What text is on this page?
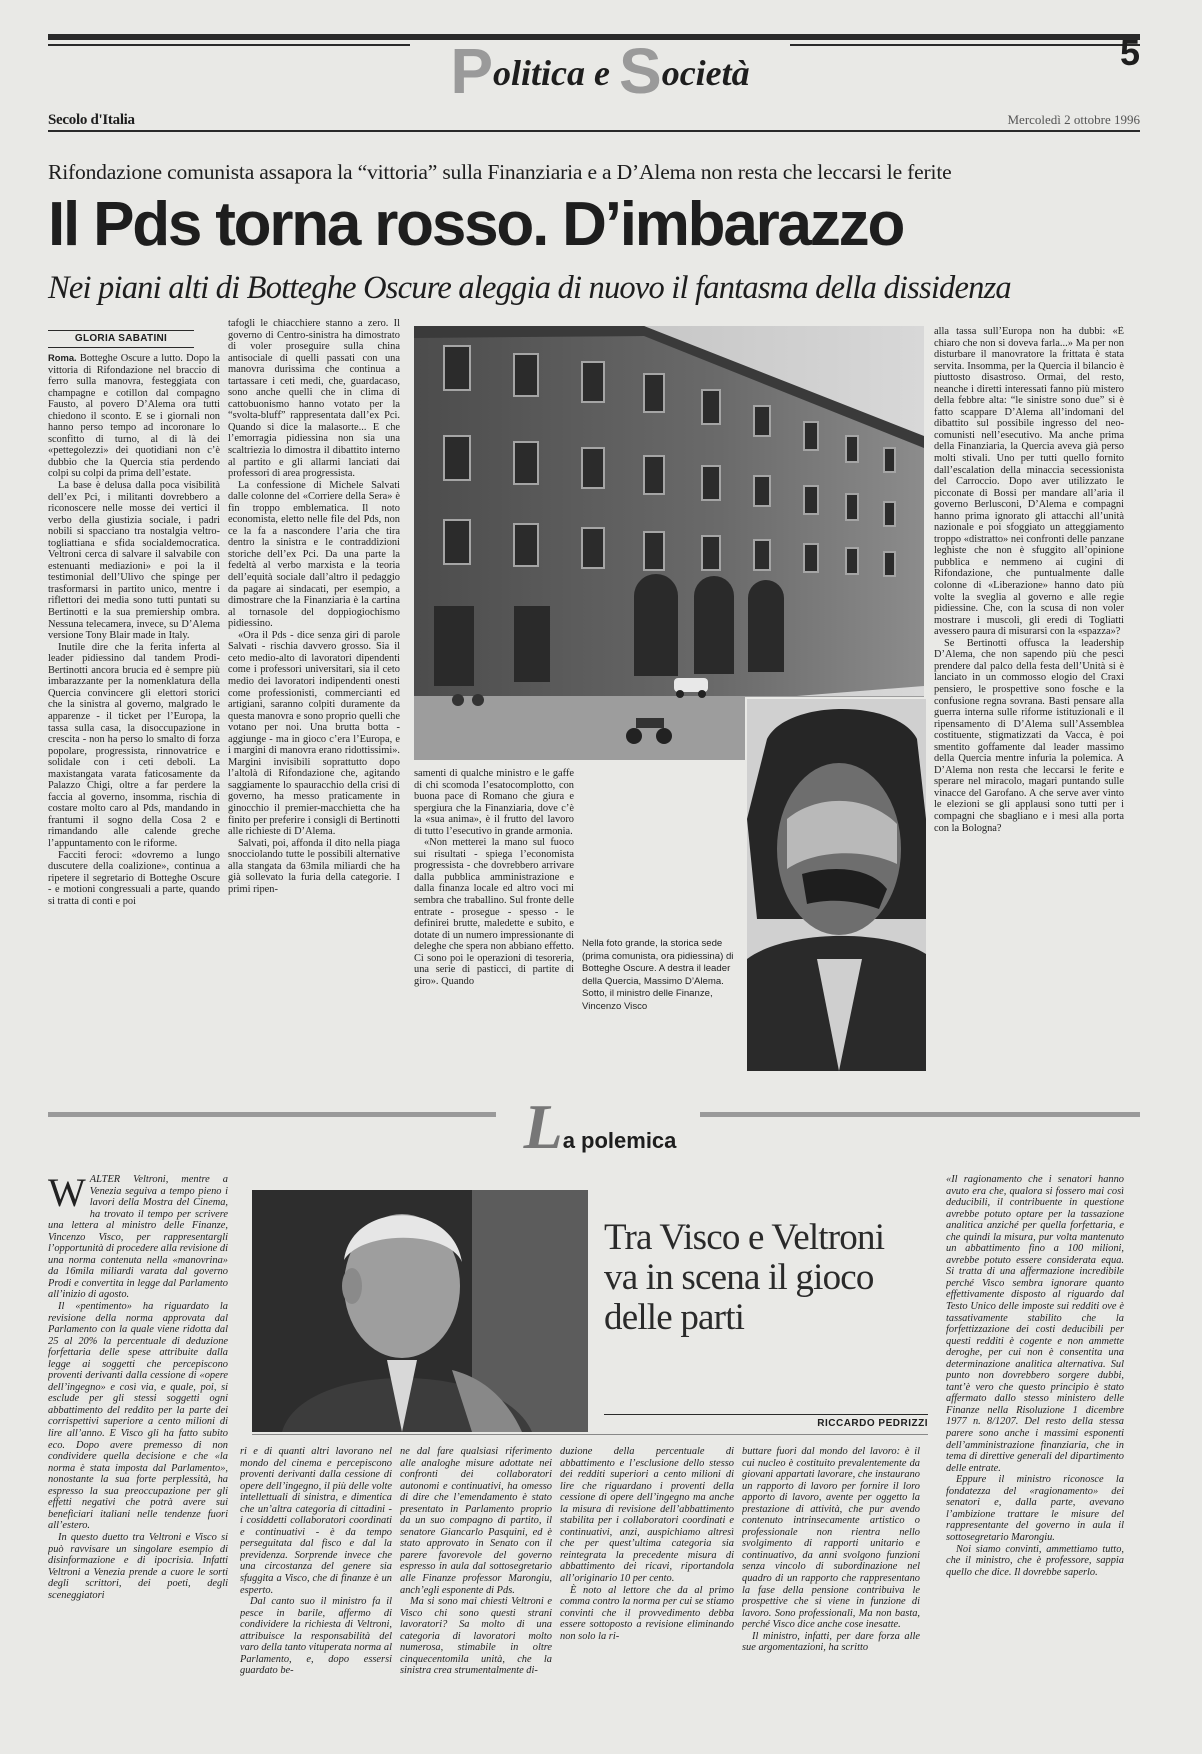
Politica e Società	5
Secolo d'Italia	Mercoledì 2 ottobre 1996
Rifondazione comunista assapora la “vittoria” sulla Finanziaria e a D’Alema non resta che leccarsi le ferite
Il Pds torna rosso. D’imbarazzo
Nei piani alti di Botteghe Oscure aleggia di nuovo il fantasma della dissidenza
GLORIA SABATINI

Roma. Botteghe Oscure a lutto. Dopo la vittoria di Rifondazione nel braccio di ferro sulla manovra, festeggiata con champagne e cotillon dal compagno Fausto, al povero D’Alema ora tutti chiedono il sconto. E se i giornali non hanno perso tempo ad incoronare lo sconfitto di turno, al di là dei «pettegolezzi» dei quotidiani non c’è dubbio che la Quercia stia perdendo colpi su colpi da prima dell’estate.

La base è delusa dalla poca visibilità dell’ex Pci, i militanti dovrebbero a riconoscere nelle mosse dei vertici il verbo della giustizia sociale, i padri nobili si spacciano tra nostalgia veltro-togliattiana e sfida socialdemocratica. Veltroni cerca di salvare il salvabile con estenuanti mediazioni» e poi la il testimonial dell’Ulivo che spinge per trasformarsi in partito unico, mentre i riflettori dei media sono tutti puntati su Bertinotti e la sua premiership ombra. Nessuna telecamera, invece, su D’Alema versione Tony Blair made in Italy.

Inutile dire che la ferita inferta al leader pidiessino dal tandem Prodi-Bertinotti ancora brucia ed è sempre più imbarazzante per la nomenklatura della Quercia convincere gli elettori storici che la sinistra al governo, malgrado le apparenze - il ticket per l’Europa, la tassa sulla casa, la disoccupazione in crescita - non ha perso lo smalto di forza popolare, progressista, rinnovatrice e solidale con i ceti deboli. La maxistangata varata faticosamente da Palazzo Chigi, oltre a far perdere la faccia al governo, insomma, rischia di costare molto caro al Pds, mandando in frantumi il sogno della Cosa 2 e rimandando alle calende greche l’appuntamento con le riforme.

Facciti feroci: «dovremo a lungo duscutere della coalizione», continua a ripetere il segretario di Botteghe Oscure - e motioni congressuali a parte, quando si tratta di conti e poi

tafogli le chiacchiere stanno a zero. Il governo di Centro-sinistra ha dimostrato di voler proseguire sulla china antisociale di quelli passati con una manovra durissima che continua a tartassare i ceti medi, che, guardacaso, sono anche quelli che in clima di cattobuonismo hanno votato per la “svolta-bluff” rappresentata dall’ex Pci. Quando si dice la malasorte... E che l’emorragia pidiessina non sia una scaltriezia lo dimostra il dibattito interno al partito e gli allarmi lanciati dai professori di area progressista.

La confessione di Michele Salvati dalle colonne del «Corriere della Sera» è fin troppo emblematica. Il noto economista, eletto nelle file del Pds, non ce la fa a nascondere l’aria che tira dentro la sinistra e le contraddizioni storiche dell’ex Pci. Da una parte la fedeltà al verbo marxista e la teoria dell’equità sociale dall’altro il pedaggio da pagare ai sindacati, per esempio, a dimostrare che la Finanziaria è la cartina al tornasole del doppiogiochismo pidiessino.

«Ora il Pds - dice senza giri di parole Salvati - rischia davvero grosso. Sia il ceto medio-alto di lavoratori dipendenti come i professori universitari, sia il ceto medio dei lavoratori indipendenti onesti come professionisti, commercianti ed artigiani, saranno colpiti duramente da questa manovra e sono proprio quelli che votano per noi. Una brutta botta - aggiunge - ma in gioco c’era l’Europa, e i margini di manovra erano ridottissimi». Margini invisibili soprattutto dopo l’altolà di Rifondazione che, agitando saggiamente lo spauracchio della crisi di governo, ha messo praticamente in ginocchio il premier-macchietta che ha finito per preferire i consigli di Bertinotti alle richieste di D’Alema.

Salvati, poi, affonda il dito nella piaga snocciolando tutte le possibili alternative alla stangata da 63mila miliardi che ha già sollevato la furia della categorie. I primi ripen-

samenti di qualche ministro e le gaffe di chi scomoda l’esatocomplotto, con buona pace di Romano che giura e spergiura che la Finanziaria, dove c’è la «sua anima», è il frutto del lavoro di tutto l’esecutivo in grande armonia.

«Non metterei la mano sul fuoco sui risultati - spiega l’economista progressista - che dovrebbero arrivare dalla pubblica amministrazione e dalla finanza locale ed altro voci mi sembra che traballino. Sul fronte delle entrate - prosegue - spesso - le definirei brutte, maledette e subito, e dotate di un numero impressionante di deleghe che spera non abbiano effetto. Ci sono poi le operazioni di tesoreria, una serie di pasticci, di partite di giro». Quando

Nella foto grande, la storica sede (prima comunista, ora pidiessina) di Botteghe Oscure. A destra il leader della Quercia, Massimo D’Alema. Sotto, il ministro delle Finanze, Vincenzo Visco

alla tassa sull’Europa non ha dubbi: «È chiaro che non si doveva farla...» Ma per non disturbare il manovratore la frittata è stata servita. Insomma, per la Quercia il bilancio è piuttosto disastroso. Ormai, del resto, neanche i diretti interessati fanno più mistero della febbre alta: “le sinistre sono due” si è fatto scappare D’Alema all’indomani del dibattito sul possibile ingresso del neo-comunisti nell’esecutivo. Ma anche prima della Finanziaria, la Quercia aveva già perso molti stivali. Uno per tutti quello fornito dall’escalation della minaccia secessionista del Carroccio. Dopo aver utilizzato le picconate di Bossi per mandare all’aria il governo Berlusconi, D’Alema e compagni hanno prima ignorato gli attacchi all’unità nazionale e poi sfoggiato un atteggiamento troppo «distratto» nei confronti delle panzane leghiste che non è sfuggito all’opinione pubblica e nemmeno ai cugini di Rifondazione, che puntualmente dalle colonne di «Liberazione» hanno dato più volte la sveglia al governo e alle regie pidiessine. Che, con la scusa di non voler mostrare i muscoli, gli eredi di Togliatti avessero paura di misurarsi con la «spazza»?

Se Bertinotti offusca la leadership D’Alema, che non sapendo più che pesci prendere dal palco della festa dell’Unità si è lanciato in un commosso elogio del Craxi pensiero, le prospettive sono fosche e la confusione regna sovrana. Basti pensare alla guerra interna sulle riforme istituzionali e il ripensamento di D’Alema sull’Assemblea costituente, stigmatizzati da Vacca, è poi smentito goffamente dal leader massimo della Quercia mentre infuria la polemica. A D’Alema non resta che leccarsi le ferite e sperare nel miracolo, magari puntando sulle vinacce del Garofano. A che serve aver vinto le elezioni se gli applausi sono tutti per i compagni che sbagliano e i mesi alla porta con la Bologna?

La polemica

WALTER Veltroni, mentre a Venezia seguiva a tempo pieno i lavori della Mostra del Cinema, ha trovato il tempo per scrivere una lettera al ministro delle Finanze, Vincenzo Visco, per rappresentargli l’opportunità di procedere alla revisione di una norma contenuta nella «manovrina» da 16mila miliardi varata dal governo Prodi e convertita in legge dal Parlamento all’inizio di agosto.

Il «pentimento» ha riguardato la revisione della norma approvata dal Parlamento con la quale viene ridotta dal 25 al 20% la percentuale di deduzione forfettaria delle spese attribuite dalla legge ai soggetti che percepiscono proventi derivanti dalla cessione di «opere dell’ingegno» e così via, e quale, poi, si esclude per gli stessi soggetti ogni abbattimento del reddito per la parte dei corrispettivi superiore a cento milioni di lire all’anno. E Visco gli ha fatto subito eco. Dopo avere premesso di non condividere quella decisione e che «la norma è stata imposta dal Parlamento», nonostante la sua forte perplessità, ha espresso la sua preoccupazione per gli effetti negativi che potrà avere sui beneficiari italiani nelle tendenze fuori all’estero.

In questo duetto tra Veltroni e Visco si può ravvisare un singolare esempio di disinformazione e di ipocrisia. Infatti Veltroni a Venezia prende a cuore le sorti degli scrittori, dei poeti, degli sceneggiatori

Tra Visco e Veltroni va in scena il gioco delle parti
RICCARDO PEDRIZZI

ri e di quanti altri lavorano nel mondo del cinema e percepiscono proventi derivanti dalla cessione di opere dell’ingegno, il più delle volte intellettuali di sinistra, e dimentica che un’altra categoria di cittadini - i cosiddetti collaboratori coordinati e continuativi - è da tempo perseguitata dal fisco e dal la previdenza. Sorprende invece che una circostanza del genere sia sfuggita a Visco, che di finanze è un esperto.

Dal canto suo il ministro fa il pesce in barile, affermo di condividere la richiesta di Veltroni, attribuisce la responsabilità del varo della tanto vituperata norma al Parlamento, e, dopo essersi guardato be-

ne dal fare qualsiasi riferimento alle analoghe misure adottate nei confronti dei collaboratori autonomi e continuativi, ha omesso di dire che l’emendamento è stato presentato in Parlamento proprio da un suo compagno di partito, il senatore Giancarlo Pasquini, ed è stato approvato in Senato con il parere favorevole del governo espresso in aula dal sottosegretario alle Finanze professor Marongiu, anch’egli esponente di Pds.

Ma si sono mai chiesti Veltroni e Visco chi sono questi strani lavoratori? Sa molto di una categoria di lavoratori molto numerosa, stimabile in oltre cinquecentomila unità, che la sinistra crea strumentalmente di-

duzione della percentuale di abbattimento e l’esclusione dello stesso dei redditi superiori a cento milioni di lire che riguardano i proventi della cessione di opere dell’ingegno ma anche la misura di revisione dell’abbattimento stabilita per i collaboratori coordinati e continuativi, anzi, auspichiamo altresì che per quest’ultima categoria sia reintegrata la precedente misura di abbattimento dei ricavi, riportandola all’originario 10 per cento.

È noto al lettore che da al primo comma contro la norma per cui se stiamo convinti che il provvedimento debba essere sottoposto a revisione eliminando non solo la ri-

buttare fuori dal mondo del lavoro: è il cui nucleo è costituito prevalentemente da giovani appartati lavorare, che instaurano un rapporto di lavoro per fornire il loro apporto di lavoro, avente per oggetto la prestazione di attività, che pur avendo contenuto intrinsecamente artistico o professionale non rientra nello svolgimento di rapporti unitario e continuativo, da anni svolgono funzioni senza vincolo di subordinazione nel quadro di un rapporto che rappresentano la fase della pensione contribuiva le prospettive che si viene in funzione di lavoro. Sono professionali, Ma non basta, perché Visco dice anche cose inesatte.

Il ministro, infatti, per dare forza alle sue argomentazioni, ha scritto

«Il ragionamento che i senatori hanno avuto era che, qualora si fossero mai così deducibili, il contribuente in questione avrebbe potuto optare per la tassazione analitica anziché per quella forfettaria, e che quindi la misura, pur volta mantenuto un abbattimento fino a 100 milioni, avrebbe potuto essere considerata equa. Si tratta di una affermazione incredibile perché Visco sembra ignorare quanto effettivamente disposto al riguardo dal Testo Unico delle imposte sui redditi ove è tassativamente stabilito che la forfettizzazione dei costi deducibili per questi redditi è cogente e non ammette deroghe, per cui non è consentita una determinazione analitica alternativa. Sul punto non dovrebbero sorgere dubbi, tant’è vero che questo principio è stato affermato dallo stesso ministero delle Finanze nella Risoluzione 1 dicembre 1977 n. 8/1207. Del resto della stessa parere sono anche i massimi esponenti dell’amministrazione finanziaria, che in tema di direttive generali del dipartimento delle entrate.

Eppure il ministro riconosce la fondatezza del «ragionamento» dei senatori e, dalla parte, avevano l’ambizione trattare le misure del rappresentante del governo in aula il sottosegretario Marongiu.

Noi siamo convinti, ammettiamo tutto, che il ministro, che è professore, sappia quello che dice. Il dovrebbe saperlo.
